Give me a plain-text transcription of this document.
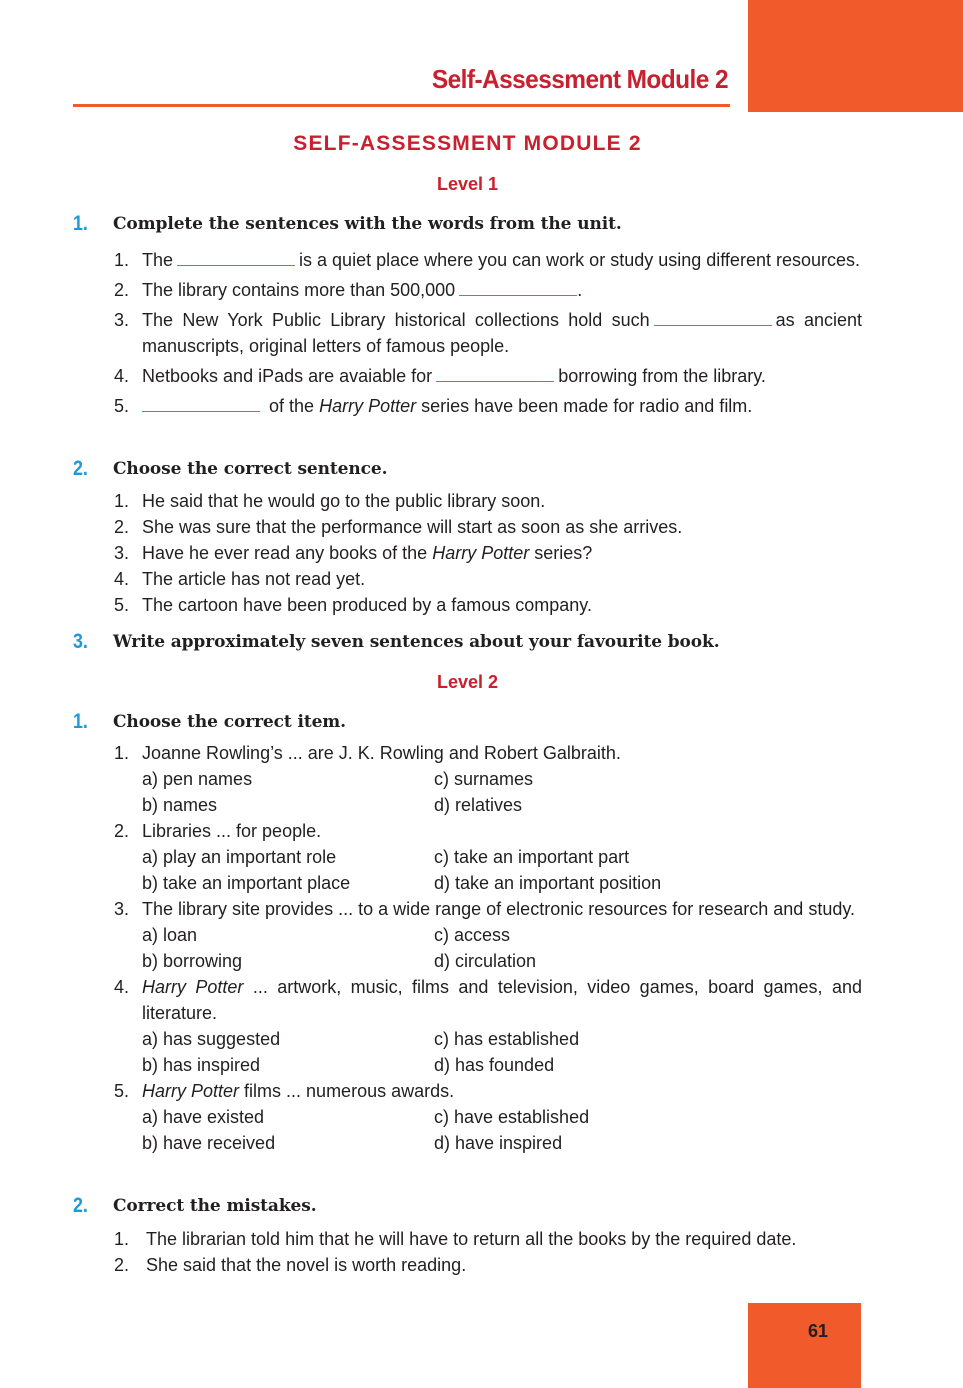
Self-Assessment Module 2
SELF-ASSESSMENT MODULE 2
Level 1
1. Complete the sentences with the words from the unit.
1. The	is a quiet place where you can work or study using different resources.
2. The library contains more than 500,000	.
3. The New York Public Library historical collections hold such	as ancient manuscripts, original letters of famous people.
4. Netbooks and iPads are avaiable for	borrowing from the library.
5.	of the Harry Potter series have been made for radio and film.
2. Choose the correct sentence.
1. He said that he would go to the public library soon.
2. She was sure that the performance will start as soon as she arrives.
3. Have he ever read any books of the Harry Potter series?
4. The article has not read yet.
5. The cartoon have been produced by a famous company.
3. Write approximately seven sentences about your favourite book.
Level 2
1. Choose the correct item.
1. Joanne Rowling’s ... are J. K. Rowling and Robert Galbraith.
a) pen names	c) surnames
b) names	d) relatives
2. Libraries ... for people.
a) play an important role	c) take an important part
b) take an important place	d) take an important position
3. The library site provides ... to a wide range of electronic resources for research and study.
a) loan	c) access
b) borrowing	d) circulation
4. Harry Potter ... artwork, music, films and television, video games, board games, and literature.
a) has suggested	c) has established
b) has inspired	d) has founded
5. Harry Potter films ... numerous awards.
a) have existed	c) have established
b) have received	d) have inspired
2. Correct the mistakes.
1. The librarian told him that he will have to return all the books by the required date.
2. She said that the novel is worth reading.
61
